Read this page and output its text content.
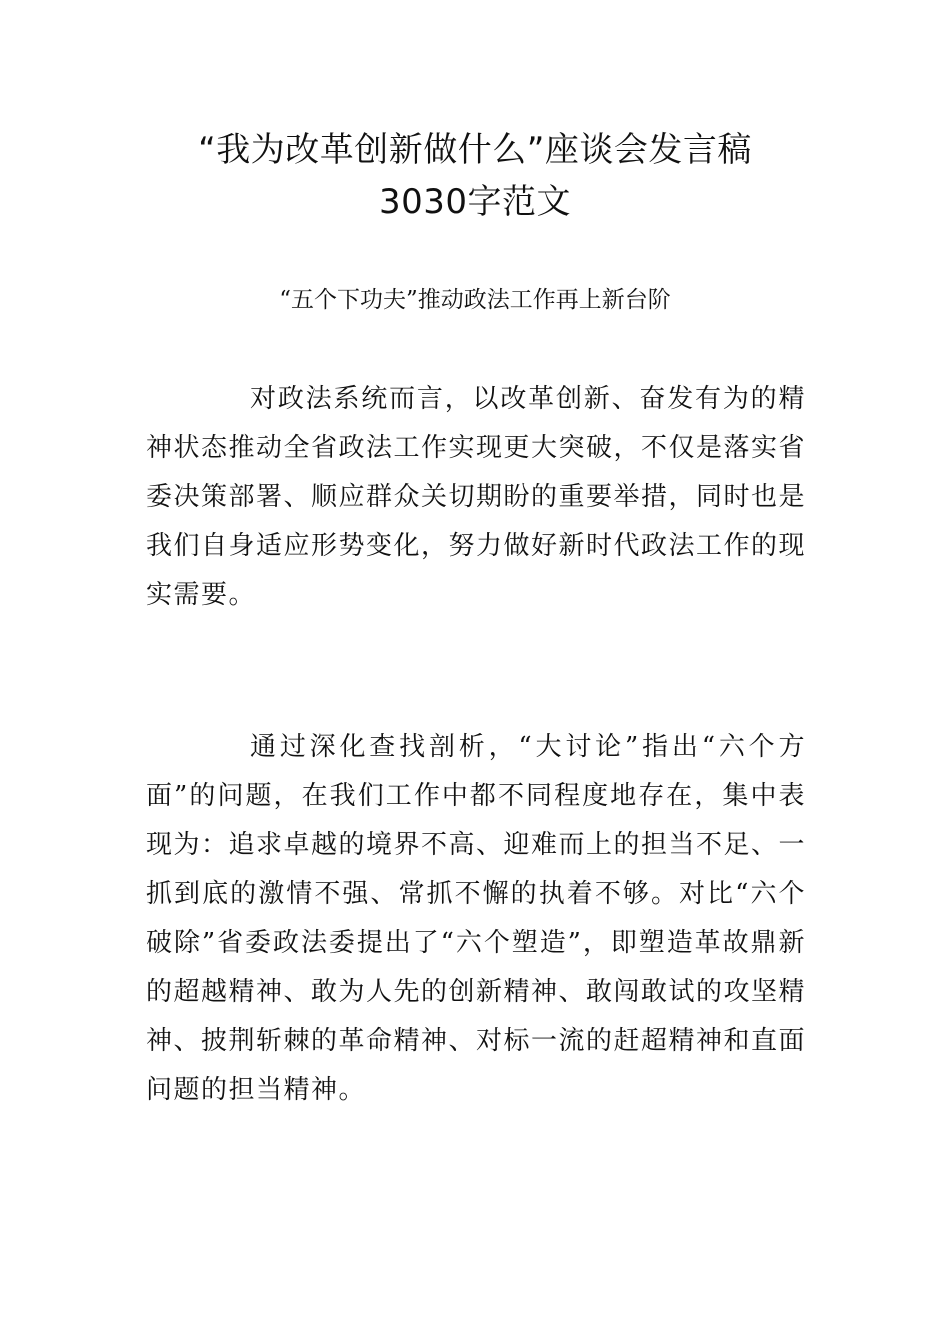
“我为改革创新做什么”座谈会发言稿
3030字范文
“五个下功夫”推动政法工作再上新台阶

对政法系统而言，以改革创新、奋发有为的精神状态推动全省政法工作实现更大突破，不仅是落实省委决策部署、顺应群众关切期盼的重要举措，同时也是我们自身适应形势变化，努力做好新时代政法工作的现实需要。

通过深化查找剖析，“大讨论”指出“六个方面”的问题，在我们工作中都不同程度地存在，集中表现为：追求卓越的境界不高、迎难而上的担当不足、一抓到底的激情不强、常抓不懈的执着不够。对比“六个破除”省委政法委提出了“六个塑造”，即塑造革故鼎新的超越精神、敢为人先的创新精神、敢闯敢试的攻坚精神、披荆斩棘的革命精神、对标一流的赶超精神和直面问题的担当精神。
